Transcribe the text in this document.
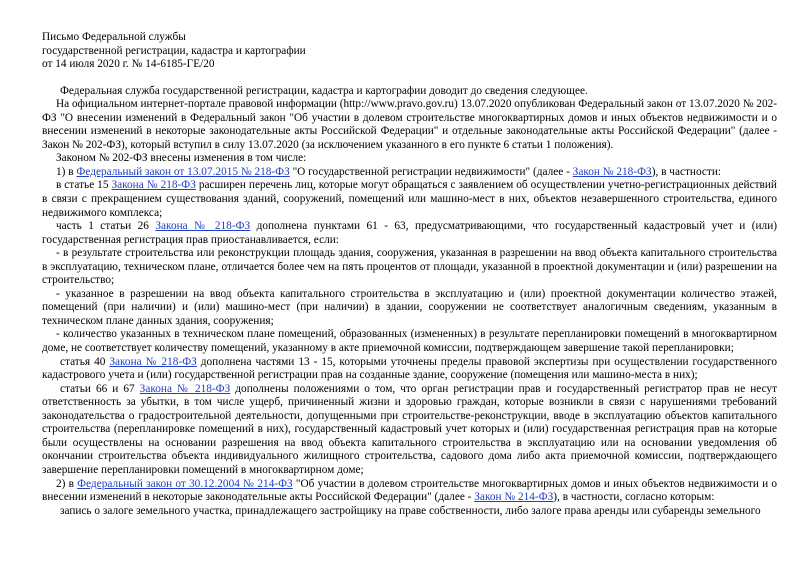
Письмо Федеральной службы
государственной регистрации, кадастра и картографии
от 14 июля 2020 г. № 14-6185-ГЕ/20

Федеральная служба государственной регистрации, кадастра и картографии доводит до сведения следующее.

На официальном интернет-портале правовой информации (http://www.pravo.gov.ru) 13.07.2020 опубликован Федеральный закон от 13.07.2020 № 202-ФЗ "О внесении изменений в Федеральный закон "Об участии в долевом строительстве многоквартирных домов и иных объектов недвижимости и о внесении изменений в некоторые законодательные акты Российской Федерации" и отдельные законодательные акты Российской Федерации" (далее - Закон № 202-ФЗ), который вступил в силу 13.07.2020 (за исключением указанного в его пункте 6 статьи 1 положения).

Законом № 202-ФЗ внесены изменения в том числе:

1) в Федеральный закон от 13.07.2015 № 218-ФЗ "О государственной регистрации недвижимости" (далее - Закон № 218-ФЗ), в частности:

в статье 15 Закона № 218-ФЗ расширен перечень лиц, которые могут обращаться с заявлением об осуществлении учетно-регистрационных действий в связи с прекращением существования зданий, сооружений, помещений или машино-мест в них, объектов незавершенного строительства, единого недвижимого комплекса;

часть 1 статьи 26 Закона № 218-ФЗ дополнена пунктами 61 - 63, предусматривающими, что государственный кадастровый учет и (или) государственная регистрация прав приостанавливается, если:

- в результате строительства или реконструкции площадь здания, сооружения, указанная в разрешении на ввод объекта капитального строительства в эксплуатацию, техническом плане, отличается более чем на пять процентов от площади, указанной в проектной документации и (или) разрешении на строительство;

- указанное в разрешении на ввод объекта капитального строительства в эксплуатацию и (или) проектной документации количество этажей, помещений (при наличии) и (или) машино-мест (при наличии) в здании, сооружении не соответствует аналогичным сведениям, указанным в техническом плане данных здания, сооружения;

- количество указанных в техническом плане помещений, образованных (измененных) в результате перепланировки помещений в многоквартирном доме, не соответствует количеству помещений, указанному в акте приемочной комиссии, подтверждающем завершение такой перепланировки;

статья 40 Закона № 218-ФЗ дополнена частями 13 - 15, которыми уточнены пределы правовой экспертизы при осуществлении государственного кадастрового учета и (или) государственной регистрации прав на созданные здание, сооружение (помещения или машино-места в них);

статьи 66 и 67 Закона № 218-ФЗ дополнены положениями о том, что орган регистрации прав и государственный регистратор прав не несут ответственность за убытки, в том числе ущерб, причиненный жизни и здоровью граждан, которые возникли в связи с нарушениями требований законодательства о градостроительной деятельности, допущенными при строительстве-реконструкции, вводе в эксплуатацию объектов капитального строительства (перепланировке помещений в них), государственный кадастровый учет которых и (или) государственная регистрация прав на которые были осуществлены на основании разрешения на ввод объекта капитального строительства в эксплуатацию или на основании уведомления об окончании строительства объекта индивидуального жилищного строительства, садового дома либо акта приемочной комиссии, подтверждающего завершение перепланировки помещений в многоквартирном доме;

2) в Федеральный закон от 30.12.2004 № 214-ФЗ "Об участии в долевом строительстве многоквартирных домов и иных объектов недвижимости и о внесении изменений в некоторые законодательные акты Российской Федерации" (далее - Закон № 214-ФЗ), в частности, согласно которым:

запись о залоге земельного участка, принадлежащего застройщику на праве собственности, либо залоге права аренды или субаренды земельного
